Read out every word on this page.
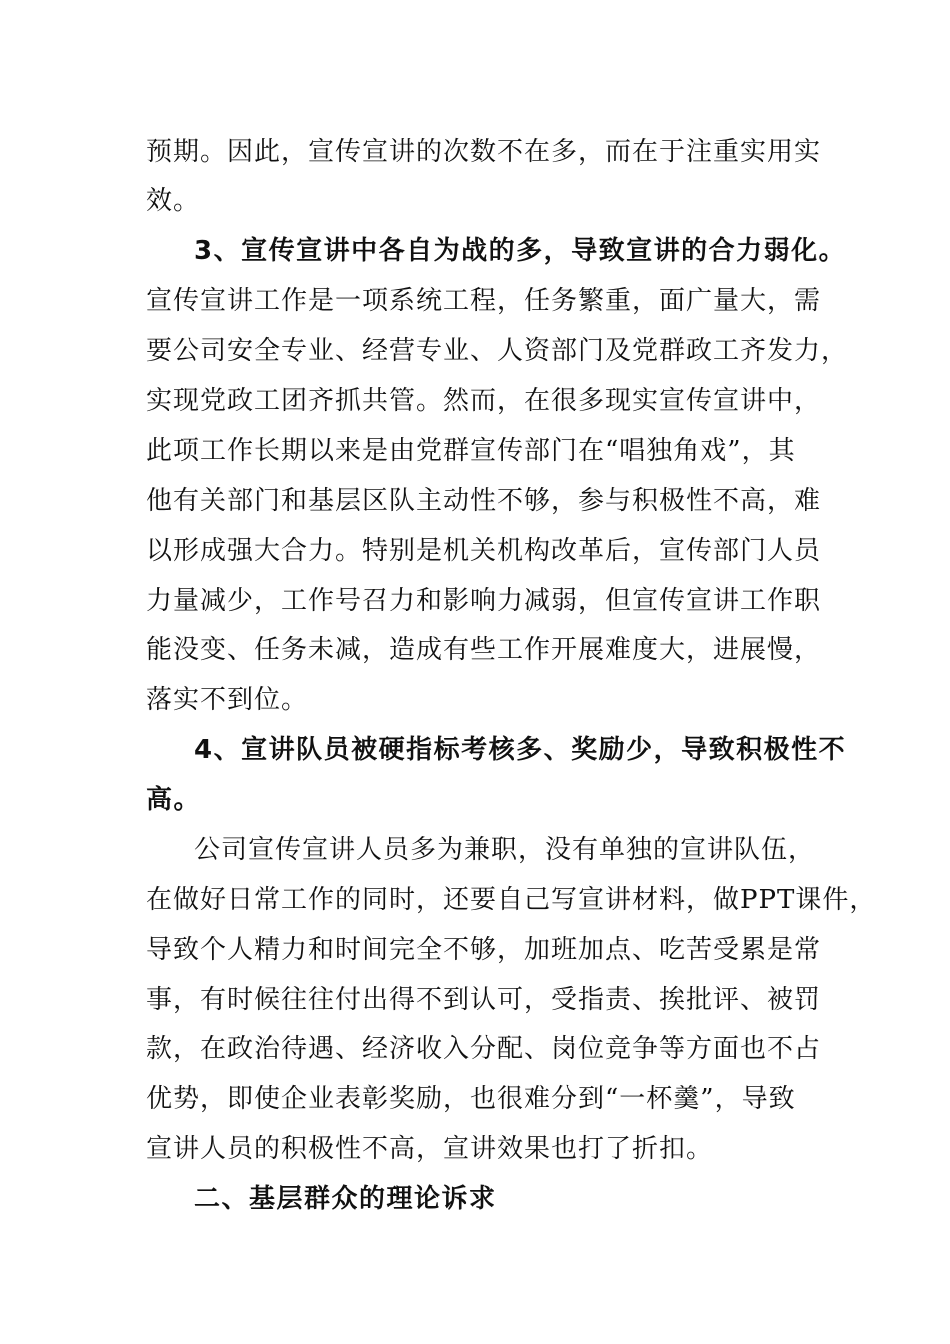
预期。因此，宣传宣讲的次数不在多，而在于注重实用实
效。
3、宣传宣讲中各自为战的多，导致宣讲的合力弱化。
宣传宣讲工作是一项系统工程，任务繁重，面广量大，需
要公司安全专业、经营专业、人资部门及党群政工齐发力，
实现党政工团齐抓共管。然而，在很多现实宣传宣讲中，
此项工作长期以来是由党群宣传部门在“唱独角戏”，其
他有关部门和基层区队主动性不够，参与积极性不高，难
以形成强大合力。特别是机关机构改革后，宣传部门人员
力量减少，工作号召力和影响力减弱，但宣传宣讲工作职
能没变、任务未减，造成有些工作开展难度大，进展慢，
落实不到位。
4、宣讲队员被硬指标考核多、奖励少，导致积极性不
高。
公司宣传宣讲人员多为兼职，没有单独的宣讲队伍，
在做好日常工作的同时，还要自己写宣讲材料，做PPT课件，
导致个人精力和时间完全不够，加班加点、吃苦受累是常
事，有时候往往付出得不到认可，受指责、挨批评、被罚
款，在政治待遇、经济收入分配、岗位竞争等方面也不占
优势，即使企业表彰奖励，也很难分到“一杯羹”，导致
宣讲人员的积极性不高，宣讲效果也打了折扣。
二、基层群众的理论诉求
